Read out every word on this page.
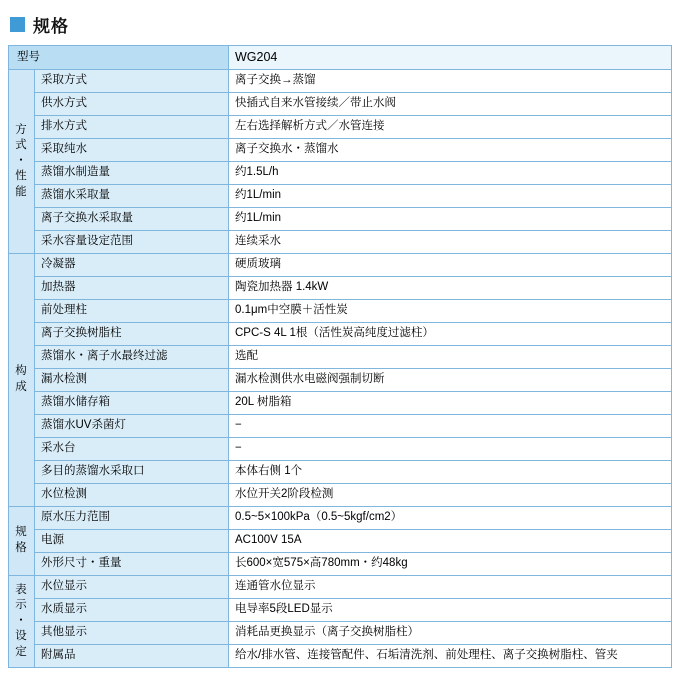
规格
型号		WG204

方
式
・
性
能	采取方式	离子交换→蒸馏
	供水方式	快插式自来水管接续／带止水阀
	排水方式	左右选择解析方式／水管连接
	采取纯水	离子交换水・蒸馏水
	蒸馏水制造量	约1.5L/h
	蒸馏水采取量	约1L/min
	离子交换水采取量	约1L/min
	采水容量设定范围	连续采水

构
成	冷凝器	硬质玻璃
	加热器	陶瓷加热器 1.4kW
	前处理柱	0.1μm中空膜＋活性炭
	离子交换树脂柱	CPC-S 4L 1根（活性炭高纯度过滤柱）
	蒸馏水・离子水最终过滤	选配
	漏水检测	漏水检测供水电磁阀强制切断
	蒸馏水储存箱	20L 树脂箱
	蒸馏水UV杀菌灯	−
	采水台	−
	多目的蒸馏水采取口	本体右侧 1个
	水位检测	水位开关2阶段检测

规
格	原水压力范围	0.5~5×100kPa（0.5~5kgf/cm2）
	电源	AC100V 15A
	外形尺寸・重量	长600×宽575×高780mm・约48kg

表
示
・
设
定	水位显示	连通管水位显示
	水质显示	电导率5段LED显示
	其他显示	消耗品更换显示（离子交换树脂柱）
	附属品	给水/排水管、连接管配件、石垢清洗剂、前处理柱、离子交换树脂柱、管夹
